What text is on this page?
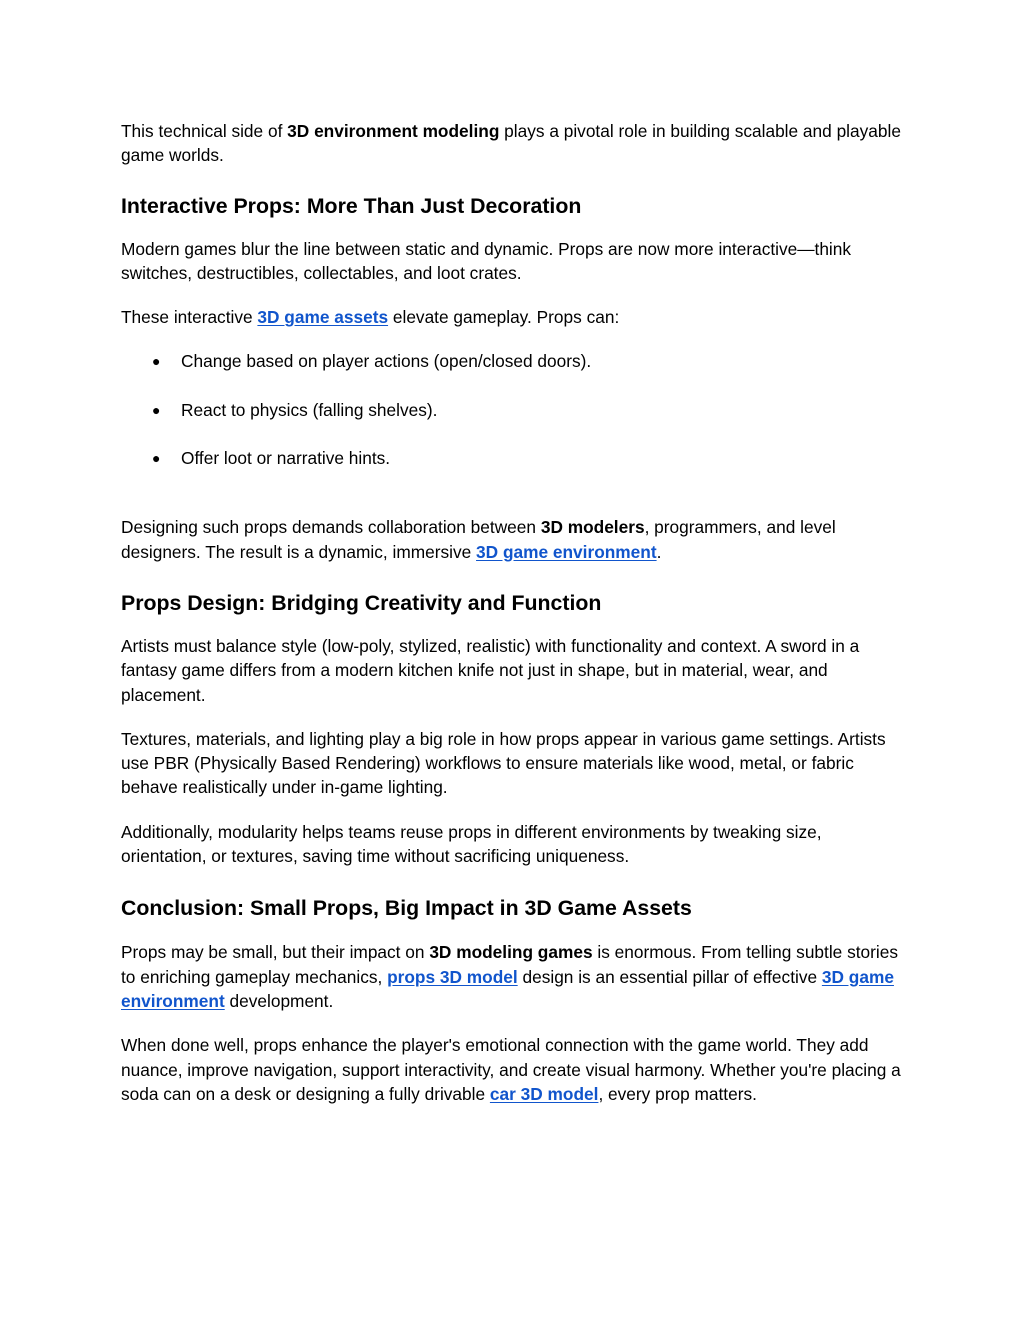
This technical side of 3D environment modeling plays a pivotal role in building scalable and playable game worlds.

Interactive Props: More Than Just Decoration

Modern games blur the line between static and dynamic. Props are now more interactive—think switches, destructibles, collectables, and loot crates.

These interactive 3D game assets elevate gameplay. Props can:

● Change based on player actions (open/closed doors).
● React to physics (falling shelves).
● Offer loot or narrative hints.

Designing such props demands collaboration between 3D modelers, programmers, and level designers. The result is a dynamic, immersive 3D game environment.

Props Design: Bridging Creativity and Function

Artists must balance style (low-poly, stylized, realistic) with functionality and context. A sword in a fantasy game differs from a modern kitchen knife not just in shape, but in material, wear, and placement.

Textures, materials, and lighting play a big role in how props appear in various game settings. Artists use PBR (Physically Based Rendering) workflows to ensure materials like wood, metal, or fabric behave realistically under in-game lighting.

Additionally, modularity helps teams reuse props in different environments by tweaking size, orientation, or textures, saving time without sacrificing uniqueness.

Conclusion: Small Props, Big Impact in 3D Game Assets

Props may be small, but their impact on 3D modeling games is enormous. From telling subtle stories to enriching gameplay mechanics, props 3D model design is an essential pillar of effective 3D game environment development.

When done well, props enhance the player's emotional connection with the game world. They add nuance, improve navigation, support interactivity, and create visual harmony. Whether you're placing a soda can on a desk or designing a fully drivable car 3D model, every prop matters.
